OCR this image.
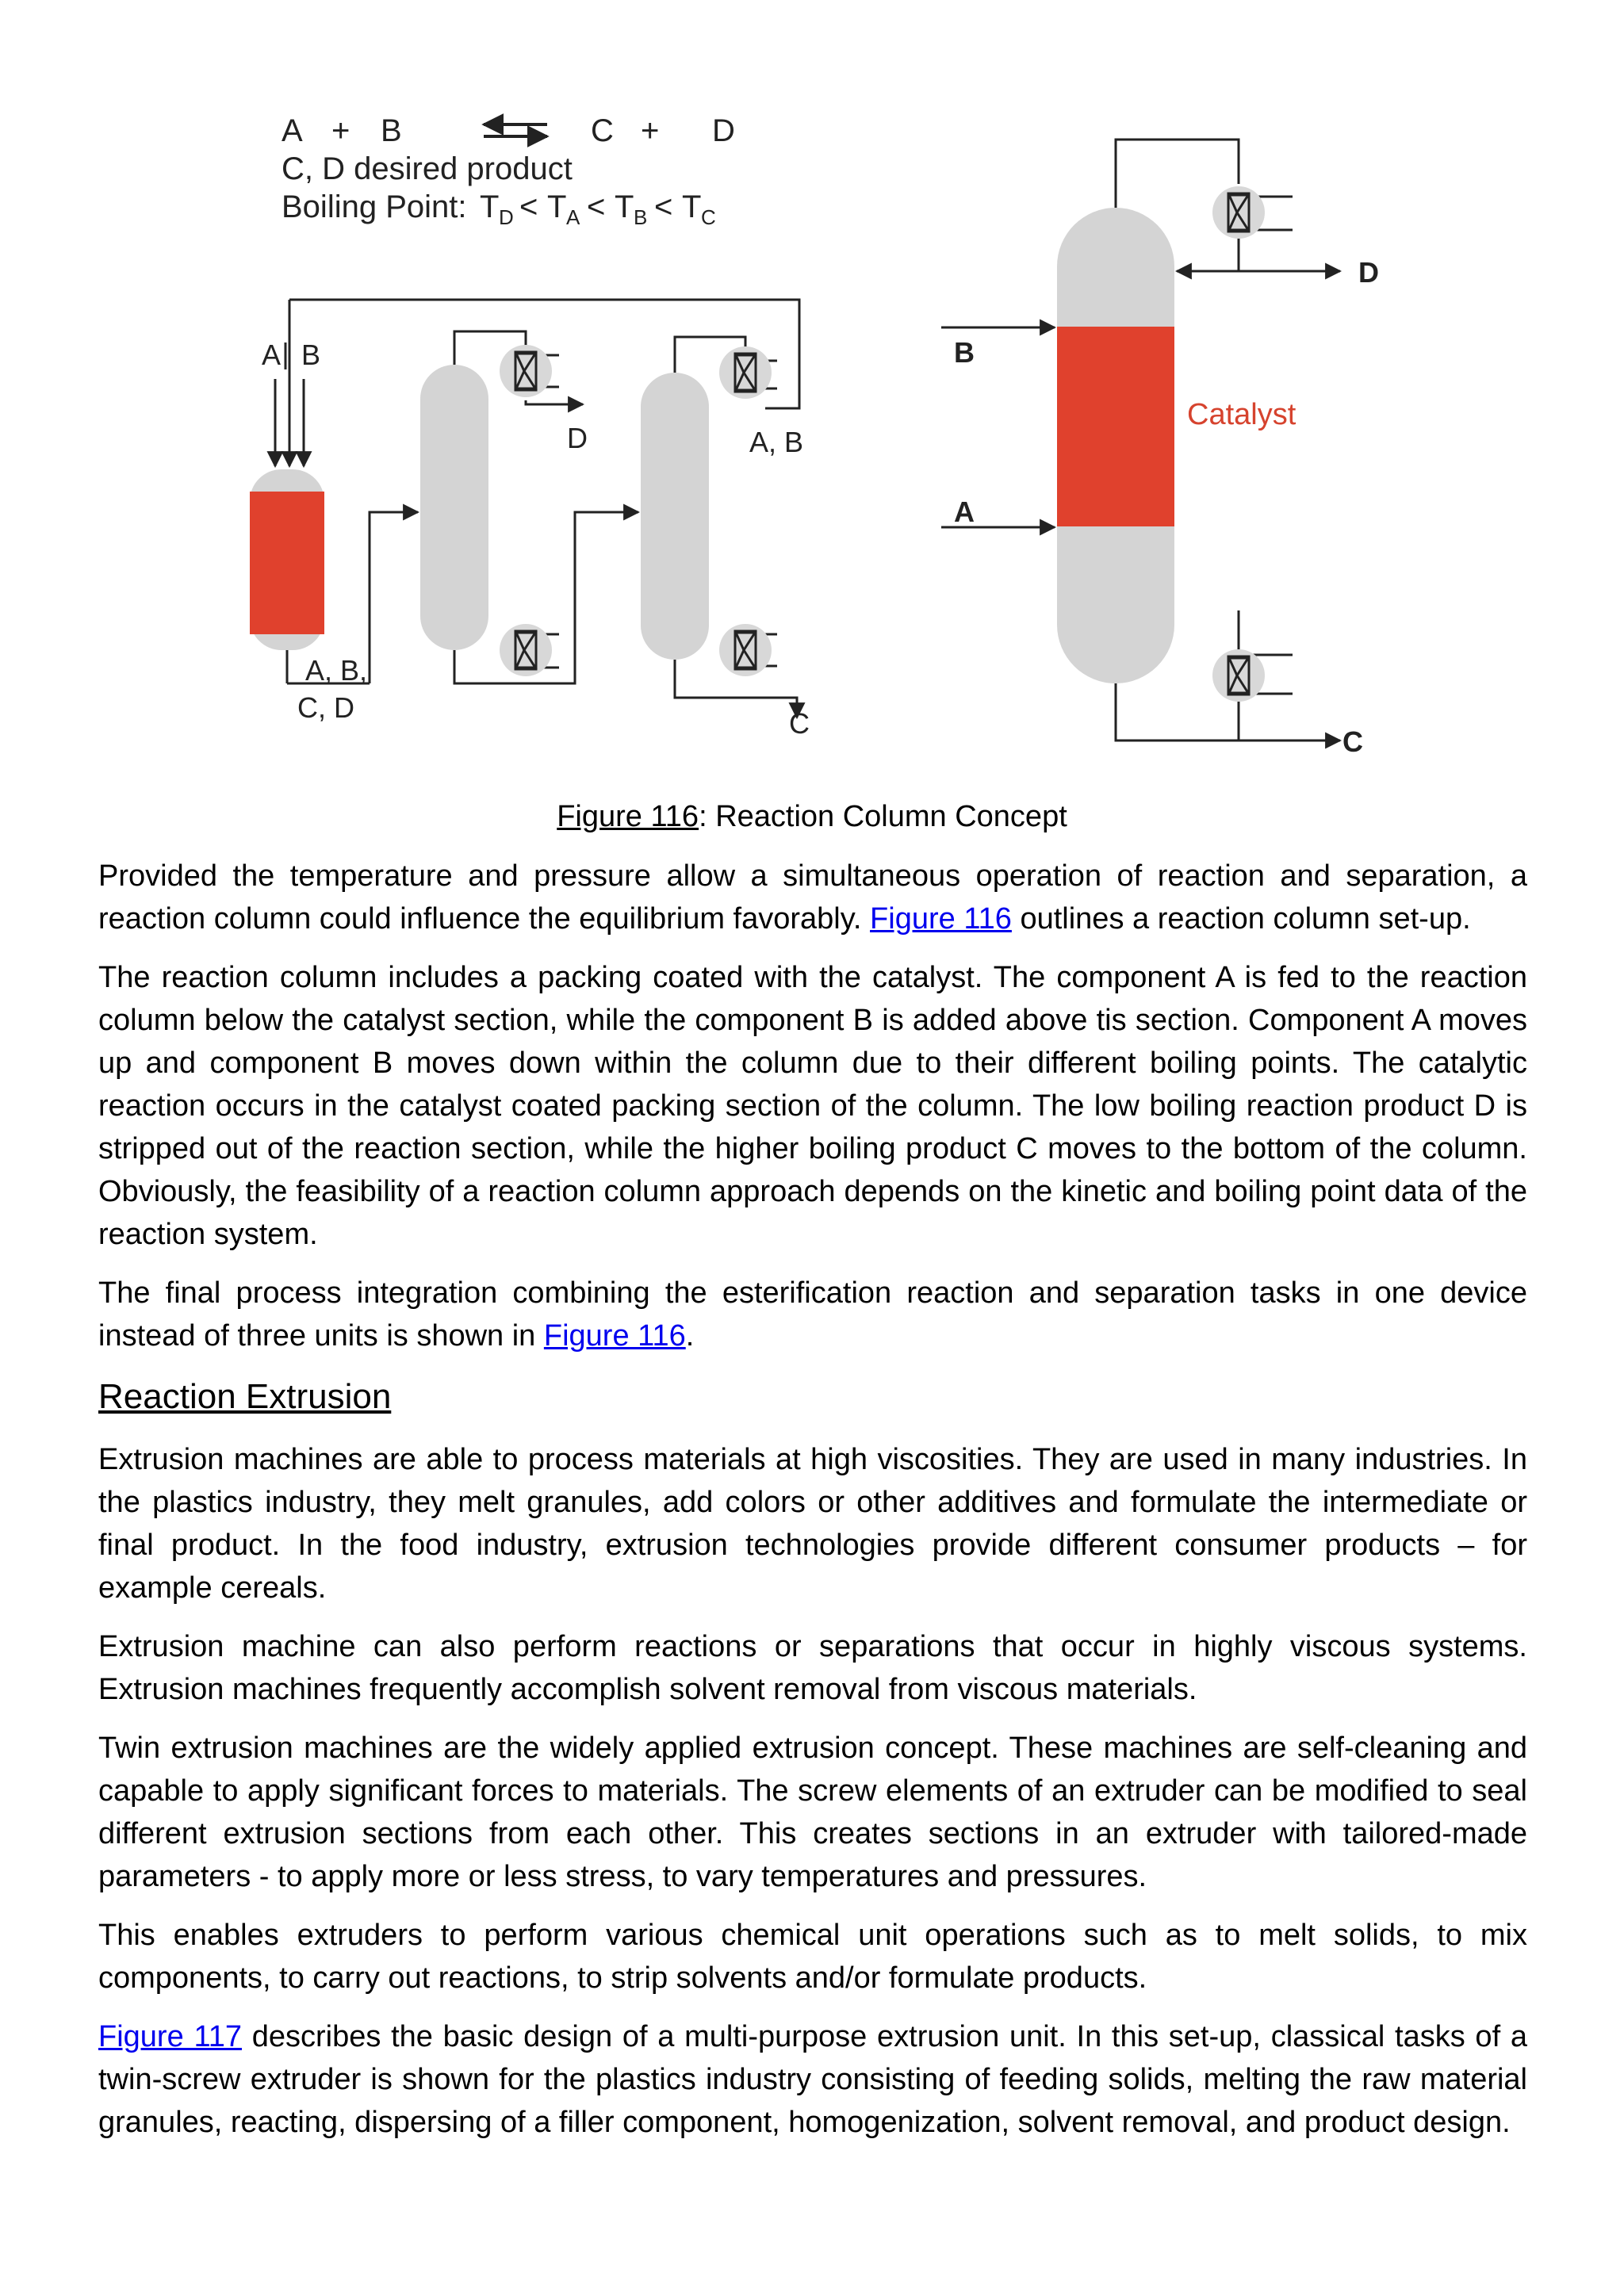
A + B	C + D
C, D desired product
Boiling Point: T D < T A < T B < T C
A B
A, B,
C, D
D	A, B
C
B
A
D
C
Catalyst
Figure 116: Reaction Column Concept

Provided the temperature and pressure allow a simultaneous operation of reaction and separation, a reaction column could influence the equilibrium favorably. Figure 116 outlines a reaction column set-up.

The reaction column includes a packing coated with the catalyst. The component A is fed to the reaction column below the catalyst section, while the component B is added above tis section. Component A moves up and component B moves down within the column due to their different boiling points. The catalytic reaction occurs in the catalyst coated packing section of the column. The low boiling reaction product D is stripped out of the reaction section, while the higher boiling product C moves to the bottom of the column. Obviously, the feasibility of a reaction column approach depends on the kinetic and boiling point data of the reaction system.

The final process integration combining the esterification reaction and separation tasks in one device instead of three units is shown in Figure 116.

Reaction Extrusion

Extrusion machines are able to process materials at high viscosities. They are used in many industries. In the plastics industry, they melt granules, add colors or other additives and formulate the intermediate or final product. In the food industry, extrusion technologies provide different consumer products – for example cereals.

Extrusion machine can also perform reactions or separations that occur in highly viscous systems. Extrusion machines frequently accomplish solvent removal from viscous materials.

Twin extrusion machines are the widely applied extrusion concept. These machines are self-cleaning and capable to apply significant forces to materials. The screw elements of an extruder can be modified to seal different extrusion sections from each other. This creates sections in an extruder with tailored-made parameters - to apply more or less stress, to vary temperatures and pressures.

This enables extruders to perform various chemical unit operations such as to melt solids, to mix components, to carry out reactions, to strip solvents and/or formulate products.

Figure 117 describes the basic design of a multi-purpose extrusion unit. In this set-up, classical tasks of a twin-screw extruder is shown for the plastics industry consisting of feeding solids, melting the raw material granules, reacting, dispersing of a filler component, homogenization, solvent removal, and product design.
